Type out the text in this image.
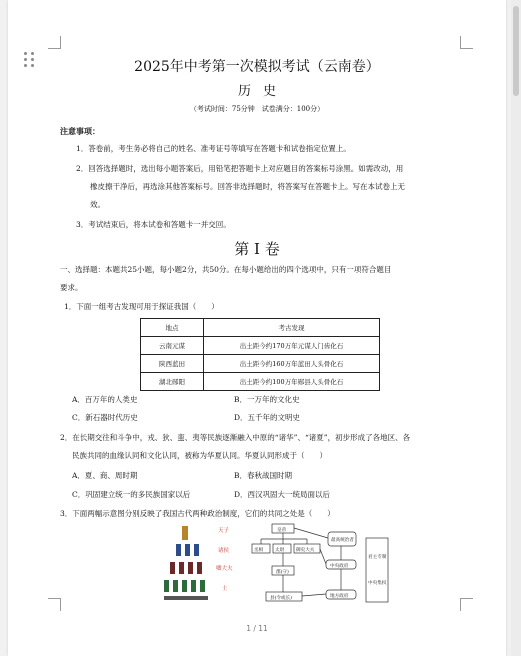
2025年中考第一次模拟考试（云南卷）
历史
（考试时间：75分钟　试卷满分：100分）
注意事项：
1．答卷前，考生务必将自己的姓名、准考证号等填写在答题卡和试卷指定位置上。
2．回答选择题时，选出每小题答案后，用铅笔把答题卡上对应题目的答案标号涂黑。如需改动，用
橡皮擦干净后，再选涂其他答案标号。回答非选择题时，将答案写在答题卡上。写在本试卷上无
效。
3．考试结束后，将本试卷和答题卡一并交回。
第 I 卷
一、选择题：本题共25小题，每小题2分，共50分。在每小题给出的四个选项中，只有一项符合题目
要求。
1．下面一组考古发现可用于探证我国（　　）
地点	考古发现
云南元谋	出土距今约170万年元谋人门齿化石
陕西蓝田	出土距今约160万年蓝田人头骨化石
湖北郧阳	出土距今约100万年郧县人头骨化石
A．百万年的人类史	B．一万年的文化史
C．新石器时代历史	D．五千年的文明史
2．在长期交往和斗争中，戎、狄、蛮、夷等民族逐渐融入中原的“诸华”、“诸夏”，初步形成了各地区、各
民族共同的血缘认同和文化认同，被称为华夏认同。华夏认同形成于（　　）
A．夏、商、周时期	B．春秋战国时期
C．巩固建立统一的多民族国家以后	D．西汉巩固大一统局面以后
3．下面两幅示意图分别反映了我国古代两种政治制度，它们的共同之处是（　　）
天子
诸侯
卿大夫
士
皇帝
丞相	太尉	御史大夫
郡(守)
县(令或长)
最高统治者
中央政府
地方政府
君主专制
中央集权
1 / 11
